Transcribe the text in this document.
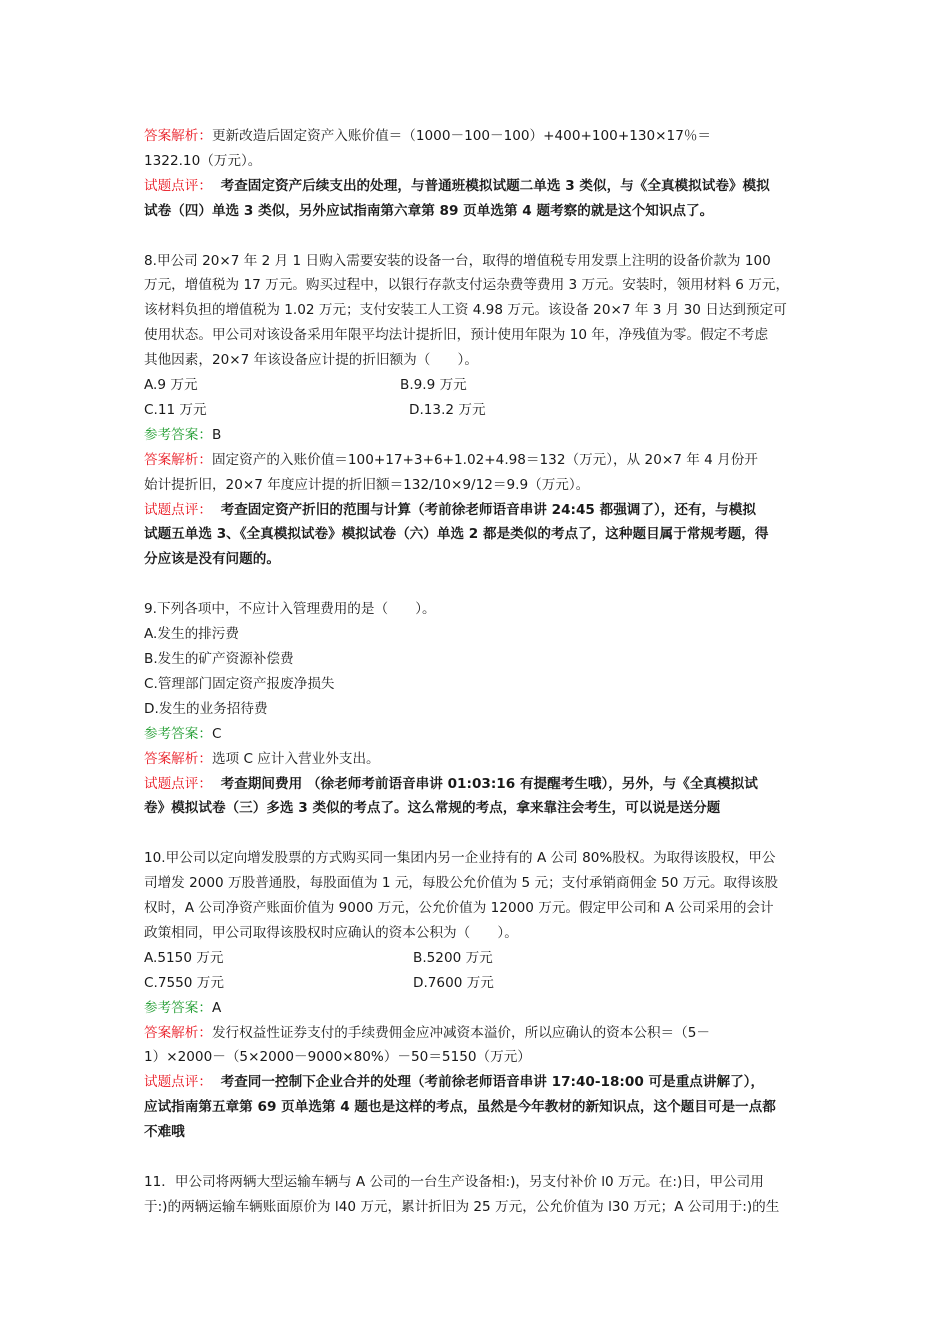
答案解析：更新改造后固定资产入账价值＝（1000－100－100）+400+100+130×17％＝
1322.10（万元）。
试题点评： 考查固定资产后续支出的处理，与普通班模拟试题二单选 3 类似，与《全真模拟试卷》模拟
试卷（四）单选 3 类似，另外应试指南第六章第 89 页单选第 4 题考察的就是这个知识点了。
8.甲公司 20×7 年 2 月 1 日购入需要安装的设备一台，取得的增值税专用发票上注明的设备价款为 100
万元，增值税为 17 万元。购买过程中，以银行存款支付运杂费等费用 3 万元。安装时，领用材料 6 万元，
该材料负担的增值税为 1.02 万元；支付安装工人工资 4.98 万元。该设备 20×7 年 3 月 30 日达到预定可
使用状态。甲公司对该设备采用年限平均法计提折旧，预计使用年限为 10 年，净残值为零。假定不考虑
其他因素，20×7 年该设备应计提的折旧额为（　　）。
A.9 万元	B.9.9 万元
C.11 万元	D.13.2 万元
参考答案：B
答案解析：固定资产的入账价值＝100+17+3+6+1.02+4.98＝132（万元），从 20×7 年 4 月份开
始计提折旧，20×7 年度应计提的折旧额＝132/10×9/12＝9.9（万元）。
试题点评： 考查固定资产折旧的范围与计算（考前徐老师语音串讲 24:45 都强调了），还有，与模拟
试题五单选 3、《全真模拟试卷》模拟试卷（六）单选 2 都是类似的考点了，这种题目属于常规考题，得
分应该是没有问题的。
9.下列各项中，不应计入管理费用的是（　　）。
A.发生的排污费
B.发生的矿产资源补偿费
C.管理部门固定资产报废净损失
D.发生的业务招待费
参考答案：C
答案解析：选项 C 应计入营业外支出。
试题点评： 考查期间费用 （徐老师考前语音串讲 01:03:16 有提醒考生哦），另外，与《全真模拟试
卷》模拟试卷（三）多选 3 类似的考点了。这么常规的考点，拿来靠注会考生，可以说是送分题
10.甲公司以定向增发股票的方式购买同一集团内另一企业持有的 A 公司 80%股权。为取得该股权，甲公
司增发 2000 万股普通股，每股面值为 1 元，每股公允价值为 5 元；支付承销商佣金 50 万元。取得该股
权时，A 公司净资产账面价值为 9000 万元，公允价值为 12000 万元。假定甲公司和 A 公司采用的会计
政策相同，甲公司取得该股权时应确认的资本公积为（　　）。
A.5150 万元	B.5200 万元
C.7550 万元	D.7600 万元
参考答案：A
答案解析：发行权益性证券支付的手续费佣金应冲减资本溢价，所以应确认的资本公积＝（5－
1）×2000－（5×2000－9000×80%）－50＝5150（万元）
试题点评： 考查同一控制下企业合并的处理（考前徐老师语音串讲 17:40-18:00 可是重点讲解了），
应试指南第五章第 69 页单选第 4 题也是这样的考点，虽然是今年教材的新知识点，这个题目可是一点都
不难哦
11．甲公司将两辆大型运输车辆与 A 公司的一台生产设备相:)，另支付补价 l0 万元。在:)日，甲公司用
于:)的两辆运输车辆账面原价为 l40 万元，累计折旧为 25 万元，公允价值为 l30 万元；A 公司用于:)的生
